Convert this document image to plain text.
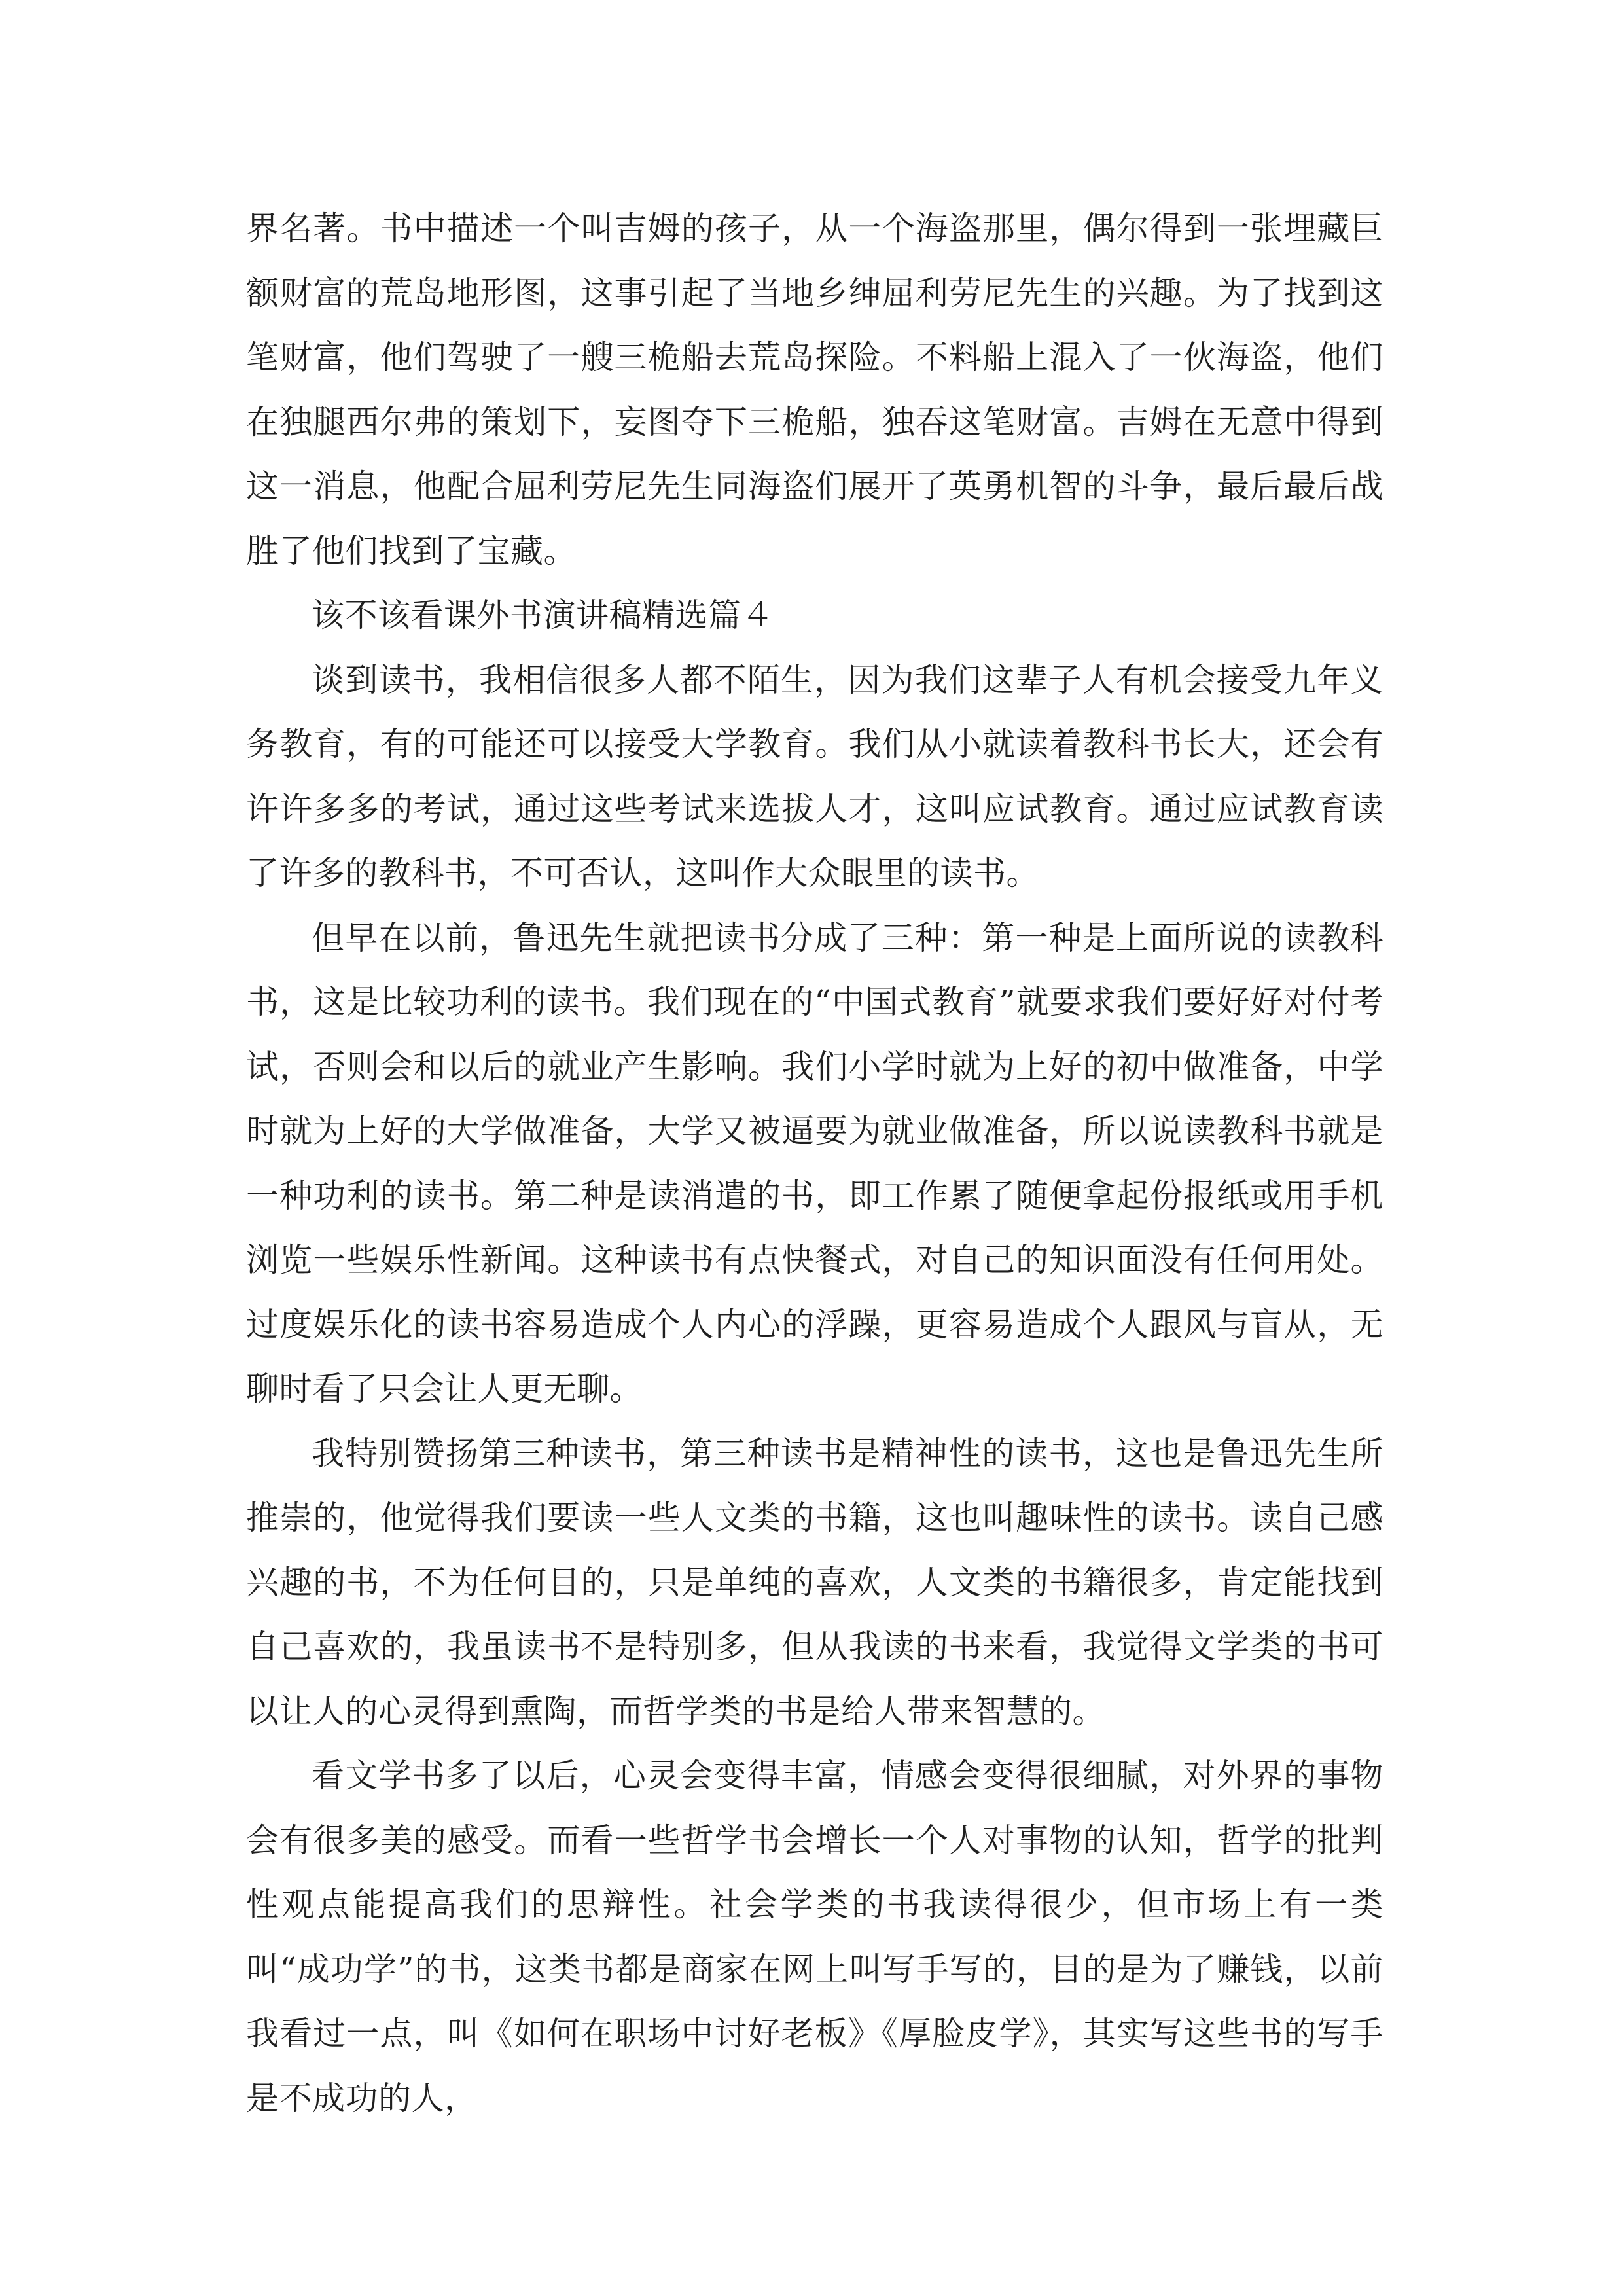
界名著。书中描述一个叫吉姆的孩子，从一个海盗那里，偶尔得到一张埋藏巨额财富的荒岛地形图，这事引起了当地乡绅屈利劳尼先生的兴趣。为了找到这笔财富，他们驾驶了一艘三桅船去荒岛探险。不料船上混入了一伙海盗，他们在独腿西尔弗的策划下，妄图夺下三桅船，独吞这笔财富。吉姆在无意中得到这一消息，他配合屈利劳尼先生同海盗们展开了英勇机智的斗争，最后最后战胜了他们找到了宝藏。

该不该看课外书演讲稿精选篇４

谈到读书，我相信很多人都不陌生，因为我们这辈子人有机会接受九年义务教育，有的可能还可以接受大学教育。我们从小就读着教科书长大，还会有许许多多的考试，通过这些考试来选拔人才，这叫应试教育。通过应试教育读了许多的教科书，不可否认，这叫作大众眼里的读书。

但早在以前，鲁迅先生就把读书分成了三种：第一种是上面所说的读教科书，这是比较功利的读书。我们现在的“中国式教育”就要求我们要好好对付考试，否则会和以后的就业产生影响。我们小学时就为上好的初中做准备，中学时就为上好的大学做准备，大学又被逼要为就业做准备，所以说读教科书就是一种功利的读书。第二种是读消遣的书，即工作累了随便拿起份报纸或用手机浏览一些娱乐性新闻。这种读书有点快餐式，对自己的知识面没有任何用处。过度娱乐化的读书容易造成个人内心的浮躁，更容易造成个人跟风与盲从，无聊时看了只会让人更无聊。

我特别赞扬第三种读书，第三种读书是精神性的读书，这也是鲁迅先生所推崇的，他觉得我们要读一些人文类的书籍，这也叫趣味性的读书。读自己感兴趣的书，不为任何目的，只是单纯的喜欢，人文类的书籍很多，肯定能找到自己喜欢的，我虽读书不是特别多，但从我读的书来看，我觉得文学类的书可以让人的心灵得到熏陶，而哲学类的书是给人带来智慧的。

看文学书多了以后，心灵会变得丰富，情感会变得很细腻，对外界的事物会有很多美的感受。而看一些哲学书会增长一个人对事物的认知，哲学的批判性观点能提高我们的思辩性。社会学类的书我读得很少，但市场上有一类叫“成功学”的书，这类书都是商家在网上叫写手写的，目的是为了赚钱，以前我看过一点，叫《如何在职场中讨好老板》《厚脸皮学》，其实写这些书的写手是不成功的人，
